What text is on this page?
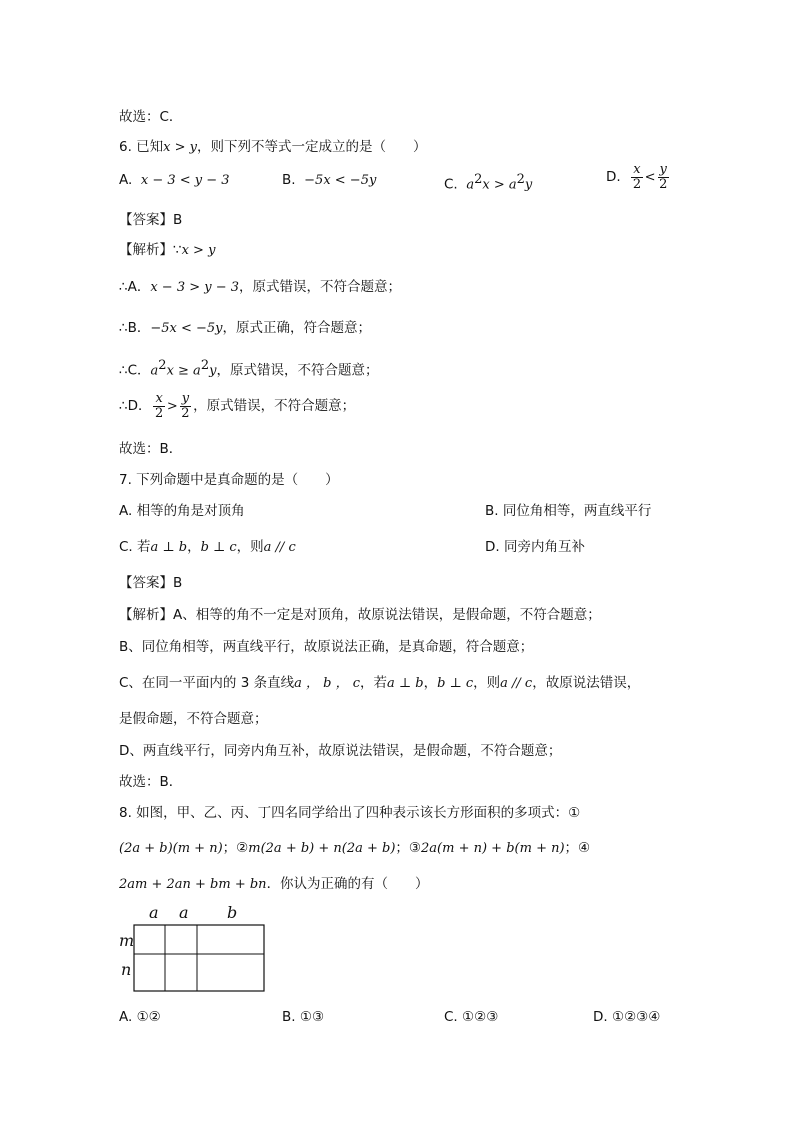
故选：C．
6. 已知x > y，则下列不等式一定成立的是（　　）
A. x − 3 < y − 3	B. −5x < −5y	C. $a^2x > a^2y$	D. $\frac{x}{2} < \frac{y}{2}$
【答案】B
【解析】∵x > y
∴A．x − 3 > y − 3，原式错误，不符合题意；
∴B．−5x < −5y，原式正确，符合题意；
∴C．$a^2x \ge a^2y$，原式错误，不符合题意；
∴D． $\frac{x}{2} > \frac{y}{2}$ ，原式错误，不符合题意；
故选：B．
7. 下列命题中是真命题的是（　　）
A. 相等的角是对顶角	B. 同位角相等，两直线平行
C. 若a ⊥ b，b ⊥ c，则a // c	D. 同旁内角互补
【答案】B
【解析】A、相等的角不一定是对顶角，故原说法错误，是假命题，不符合题意；
B、同位角相等，两直线平行，故原说法正确，是真命题，符合题意；
C、在同一平面内的 3 条直线a ， b ， c，若a ⊥ b，b ⊥ c，则a // c，故原说法错误，
是假命题，不符合题意；
D、两直线平行，同旁内角互补，故原说法错误，是假命题，不符合题意；
故选：B．
8. 如图，甲、乙、丙、丁四名同学给出了四种表示该长方形面积的多项式：①
(2a + b)(m + n)；②m(2a + b) + n(2a + b)；③2a(m + n) + b(m + n)；④
2am + 2an + bm + bn．你认为正确的有（　　）
a a b
m
n
A. ①②	B. ①③	C. ①②③	D. ①②③④
